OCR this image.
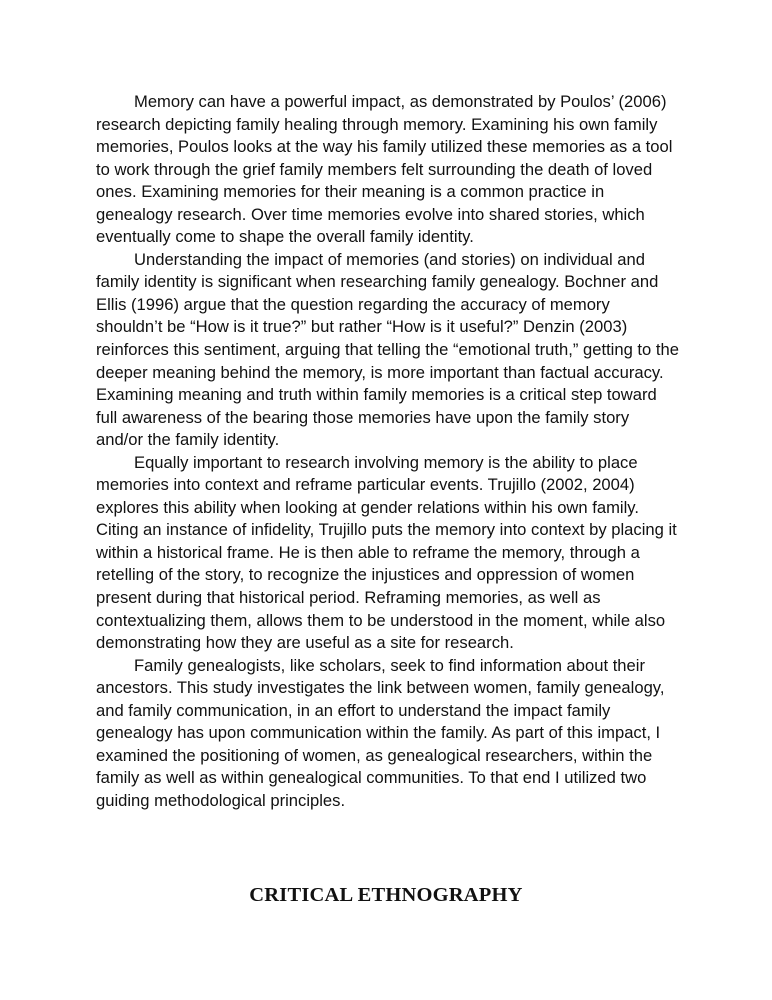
Memory can have a powerful impact, as demonstrated by Poulos’ (2006) research depicting family healing through memory. Examining his own family memories, Poulos looks at the way his family utilized these memories as a tool to work through the grief family members felt surrounding the death of loved ones. Examining memories for their meaning is a common practice in genealogy research. Over time memories evolve into shared stories, which eventually come to shape the overall family identity.

Understanding the impact of memories (and stories) on individual and family identity is significant when researching family genealogy. Bochner and Ellis (1996) argue that the question regarding the accuracy of memory shouldn’t be “How is it true?” but rather “How is it useful?” Denzin (2003) reinforces this sentiment, arguing that telling the “emotional truth,” getting to the deeper meaning behind the memory, is more important than factual accuracy. Examining meaning and truth within family memories is a critical step toward full awareness of the bearing those memories have upon the family story and/or the family identity.

Equally important to research involving memory is the ability to place memories into context and reframe particular events. Trujillo (2002, 2004) explores this ability when looking at gender relations within his own family. Citing an instance of infidelity, Trujillo puts the memory into context by placing it within a historical frame. He is then able to reframe the memory, through a retelling of the story, to recognize the injustices and oppression of women present during that historical period. Reframing memories, as well as contextualizing them, allows them to be understood in the moment, while also demonstrating how they are useful as a site for research.

Family genealogists, like scholars, seek to find information about their ancestors. This study investigates the link between women, family genealogy, and family communication, in an effort to understand the impact family genealogy has upon communication within the family. As part of this impact, I examined the positioning of women, as genealogical researchers, within the family as well as within genealogical communities. To that end I utilized two guiding methodological principles.

CRITICAL ETHNOGRAPHY
